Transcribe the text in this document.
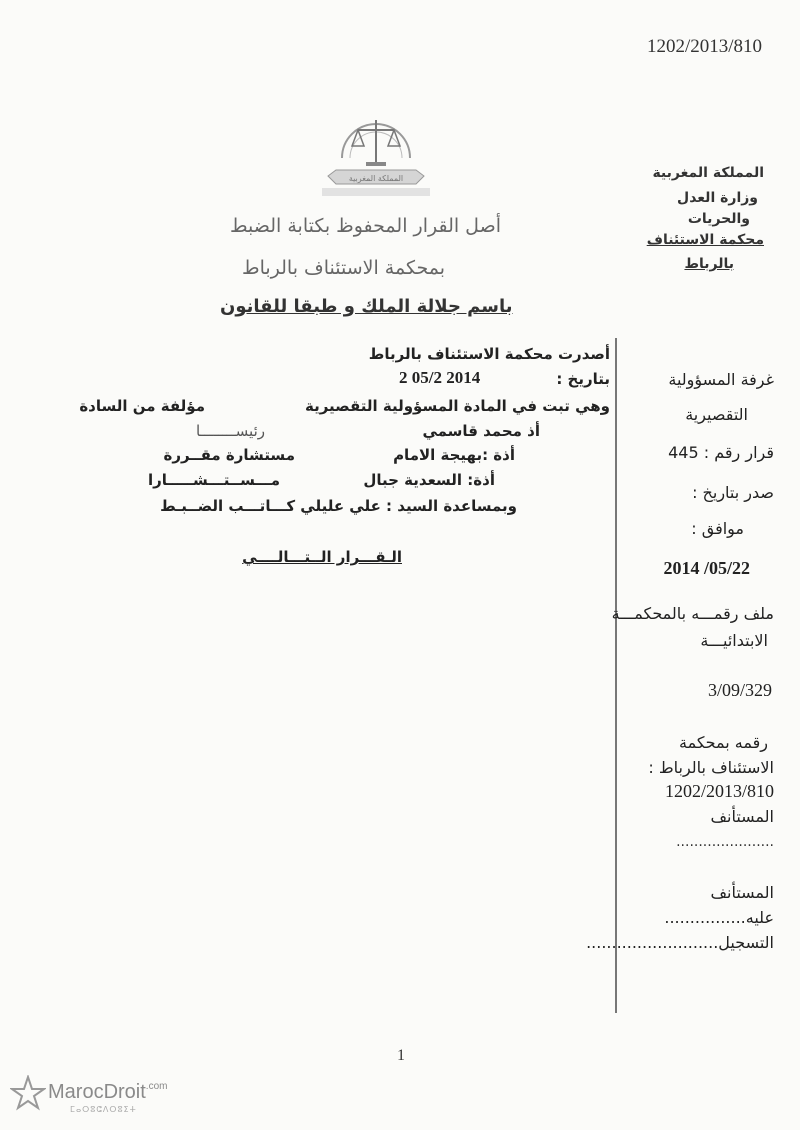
1202/2013/810
المملكة المغربية	المملكة المغربية
وزارة العدل
والحريات
محكمة الاستئناف
بالرباط
أصل القرار المحفوظ بكتابة الضبط
بمحكمة الاستئناف بالرباط
باسم جلالة الملك و طبقا للقانون
أصدرت محكمة الاستئناف بالرباط
بتاريخ :
2 05/2 2014
وهي تبت في المادة المسؤولية التقصيرية
مؤلفة من السادة
أذ محمد قاسمي
رئيســــــــا
أذة :بهيجة الامام
مستشارة مقــررة
أذة: السعدية جبال
مـــســتـــشـــــارا
وبمساعدة السيد : علي عليلي كـــاتـــب الضــبـط
الـقـــرار الــتـــالــــي
غرفة المسؤولية
التقصيرية
قرار رقم : 445
صدر بتاريخ :
موافق :
2014 /05/22
ملف رقمـــه بالمحكمـــة
الابتدائيـــة
3/09/329
رقمه بمحكمة
الاستئناف بالرباط :
1202/2013/810
المستأنف
......................
المستأنف
عليه................
التسجيل..........................
1
MarocDroit$^{.com}$
ⵎⴰⵔⵓⵛⴷⵔⵓⵉⵜ
